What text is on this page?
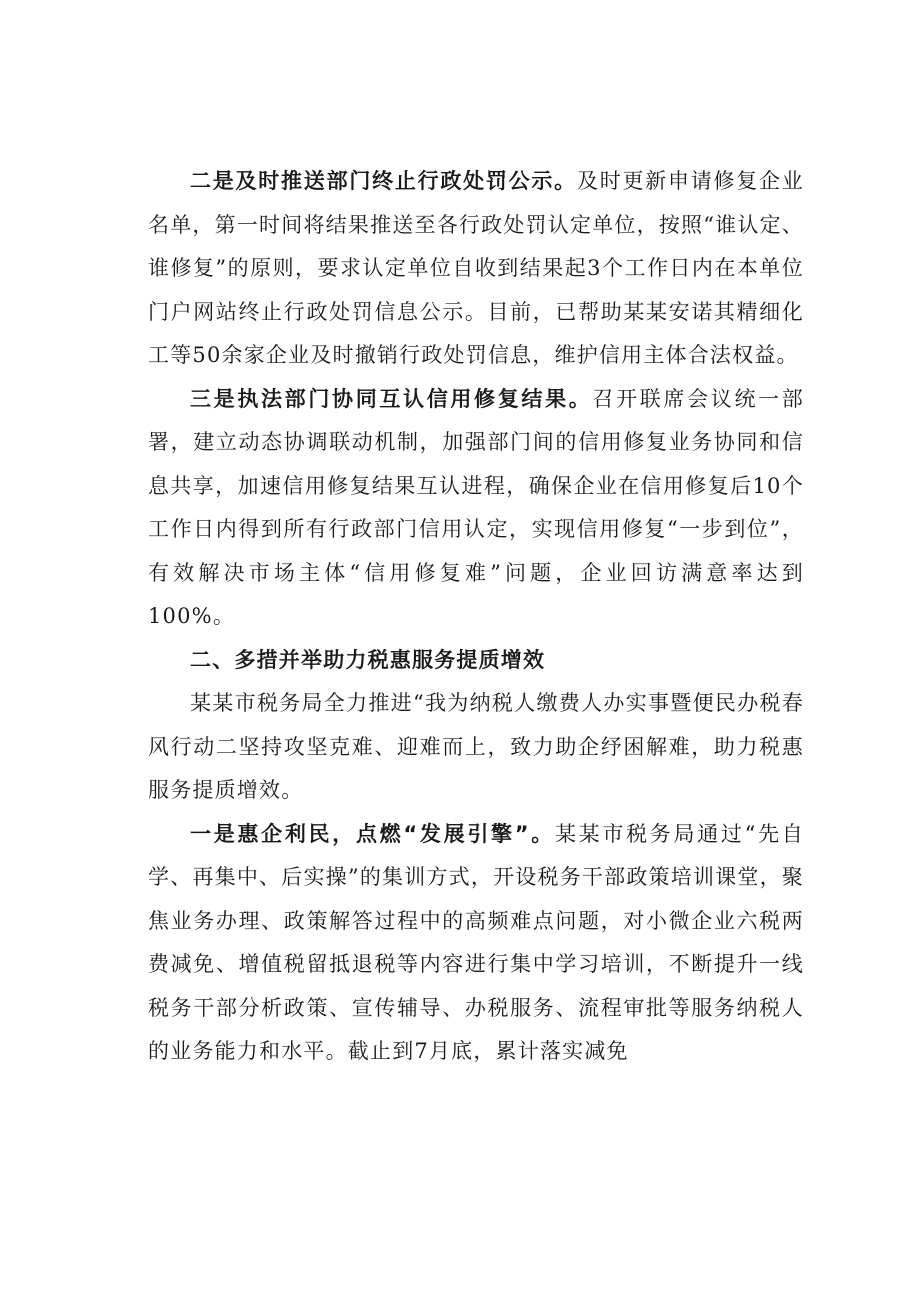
二是及时推送部门终止行政处罚公示。及时更新申请修复企业名单，第一时间将结果推送至各行政处罚认定单位，按照“谁认定、谁修复”的原则，要求认定单位自收到结果起3个工作日内在本单位门户网站终止行政处罚信息公示。目前，已帮助某某安诺其精细化工等50余家企业及时撤销行政处罚信息，维护信用主体合法权益。

三是执法部门协同互认信用修复结果。召开联席会议统一部署，建立动态协调联动机制，加强部门间的信用修复业务协同和信息共享，加速信用修复结果互认进程，确保企业在信用修复后10个工作日内得到所有行政部门信用认定，实现信用修复“一步到位”，有效解决市场主体“信用修复难”问题，企业回访满意率达到100%。

二、多措并举助力税惠服务提质增效

某某市税务局全力推进“我为纳税人缴费人办实事暨便民办税春风行动二坚持攻坚克难、迎难而上，致力助企纾困解难，助力税惠服务提质增效。

一是惠企利民，点燃“发展引擎”。某某市税务局通过“先自学、再集中、后实操”的集训方式，开设税务干部政策培训课堂，聚焦业务办理、政策解答过程中的高频难点问题，对小微企业六税两费减免、增值税留抵退税等内容进行集中学习培训，不断提升一线税务干部分析政策、宣传辅导、办税服务、流程审批等服务纳税人的业务能力和水平。截止到7月底，累计落实减免
